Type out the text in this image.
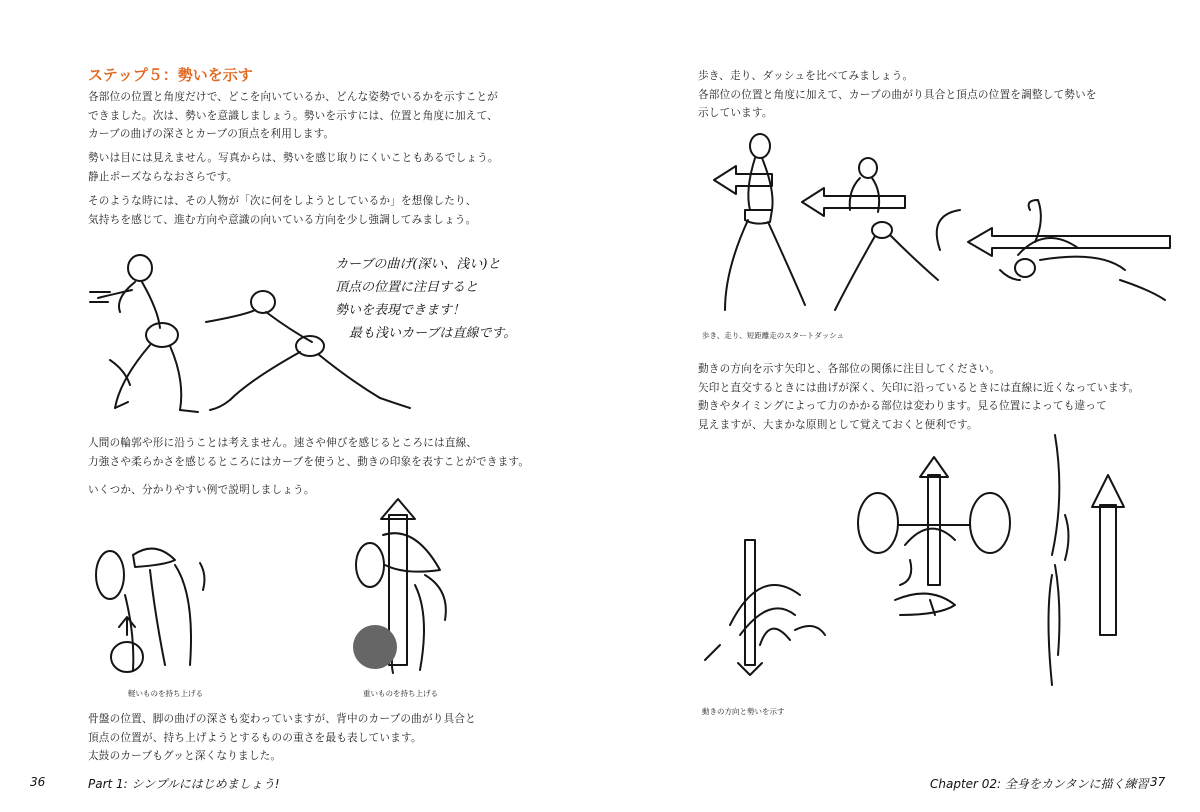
ステップ５：勢いを示す
各部位の位置と角度だけで、どこを向いているか、どんな姿勢でいるかを示すことが
できました。次は、勢いを意識しましょう。勢いを示すには、位置と角度に加えて、
カーブの曲げの深さとカーブの頂点を利用します。
勢いは目には見えません。写真からは、勢いを感じ取りにくいこともあるでしょう。
静止ポーズならなおさらです。
そのような時には、その人物が「次に何をしようとしているか」を想像したり、
気持ちを感じて、進む方向や意識の向いている方向を少し強調してみましょう。
カーブの曲げ(深い、浅い)と
頂点の位置に注目すると
勢いを表現できます！
最も浅いカーブは直線です。
人間の輪郭や形に沿うことは考えません。速さや伸びを感じるところには直線、
力強さや柔らかさを感じるところにはカーブを使うと、動きの印象を表すことができます。
いくつか、分かりやすい例で説明しましょう。
軽いものを持ち上げる	重いものを持ち上げる
骨盤の位置、脚の曲げの深さも変わっていますが、背中のカーブの曲がり具合と
頂点の位置が、持ち上げようとするものの重さを最も表しています。
太鼓のカーブもグッと深くなりました。
36	Part 1: シンプルにはじめましょう!
歩き、走り、ダッシュを比べてみましょう。
各部位の位置と角度に加えて、カーブの曲がり具合と頂点の位置を調整して勢いを
示しています。
歩き、走り、短距離走のスタートダッシュ
動きの方向を示す矢印と、各部位の関係に注目してください。
矢印と直交するときには曲げが深く、矢印に沿っているときには直線に近くなっています。
動きやタイミングによって力のかかる部位は変わります。見る位置によっても違って
見えますが、大まかな原則として覚えておくと便利です。
動きの方向と勢いを示す
Chapter 02: 全身をカンタンに描く練習 37
